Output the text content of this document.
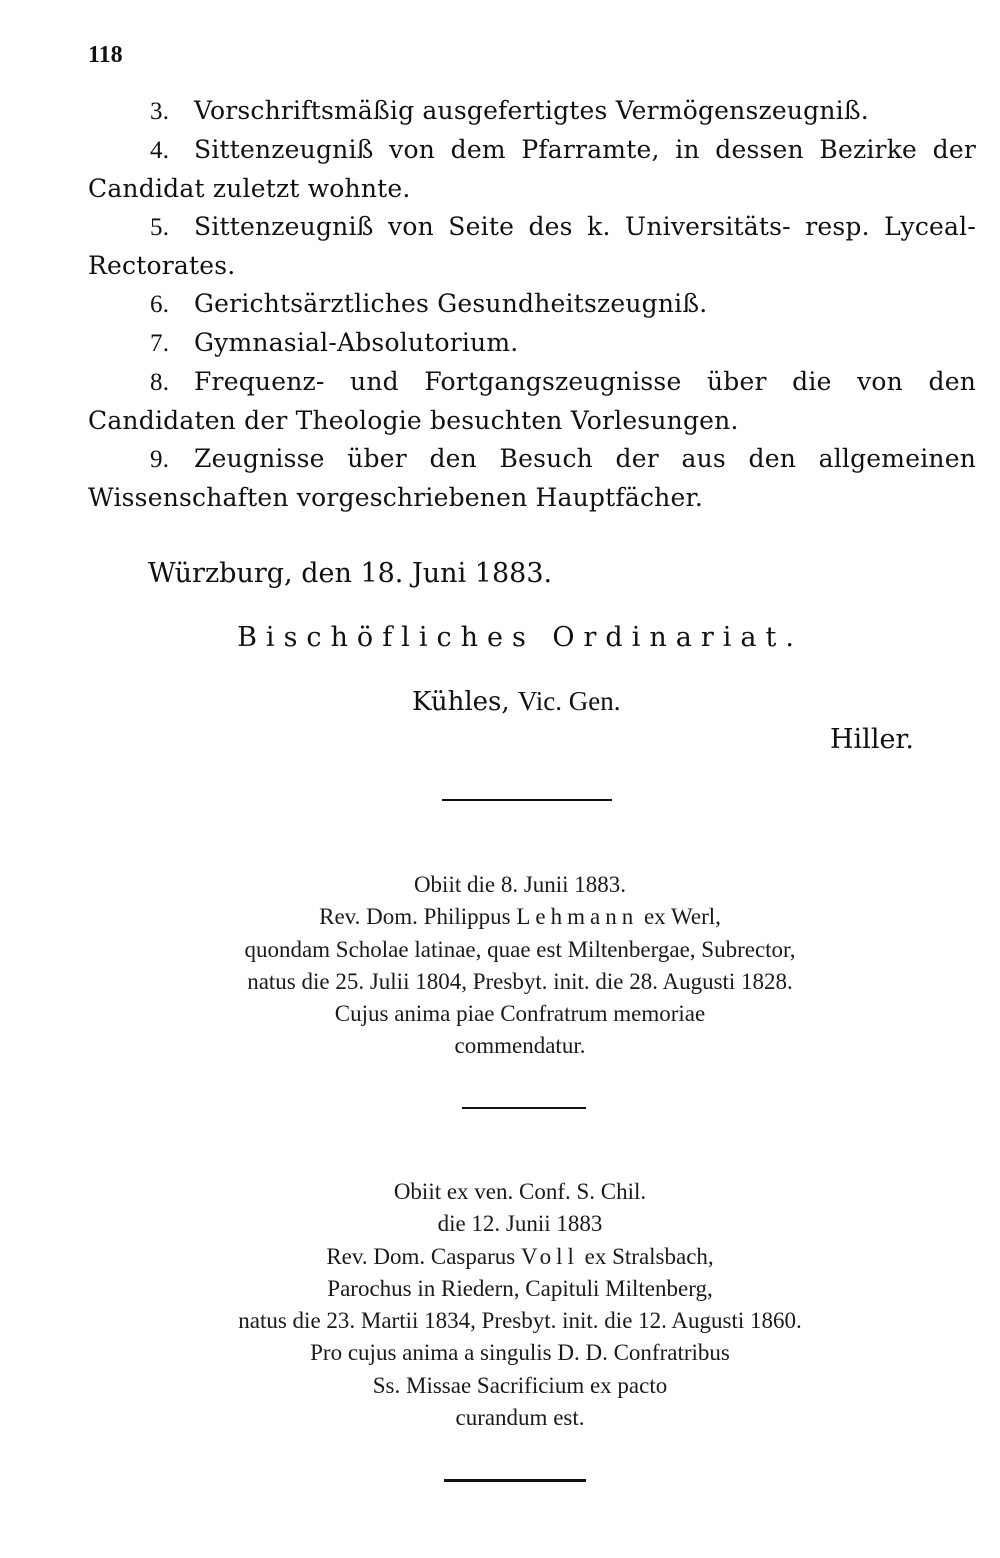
118

3. Vorschriftsmäßig ausgefertigtes Vermögenszeugniß.

4. Sittenzeugniß von dem Pfarramte, in dessen Bezirke der Candidat zuletzt wohnte.

5. Sittenzeugniß von Seite des k. Universitäts- resp. Lyceal-Rectorates.

6. Gerichtsärztliches Gesundheitszeugniß.

7. Gymnasial-Absolutorium.

8. Frequenz- und Fortgangszeugnisse über die von den Candidaten der Theologie besuchten Vorlesungen.

9. Zeugnisse über den Besuch der aus den allgemeinen Wissenschaften vorgeschriebenen Hauptfächer.

Würzburg, den 18. Juni 1883.
Bischöfliches Ordinariat.
Kühles, Vic. Gen.
Hiller.
Obiit die 8. Junii 1883.
Rev. Dom. Philippus Lehmann ex Werl,
quondam Scholae latinae, quae est Miltenbergae, Subrector,
natus die 25. Julii 1804, Presbyt. init. die 28. Augusti 1828.
Cujus anima piae Confratrum memoriae
commendatur.
Obiit ex ven. Conf. S. Chil.
die 12. Junii 1883
Rev. Dom. Casparus Voll ex Stralsbach,
Parochus in Riedern, Capituli Miltenberg,
natus die 23. Martii 1834, Presbyt. init. die 12. Augusti 1860.
Pro cujus anima a singulis D. D. Confratribus
Ss. Missae Sacrificium ex pacto
curandum est.
